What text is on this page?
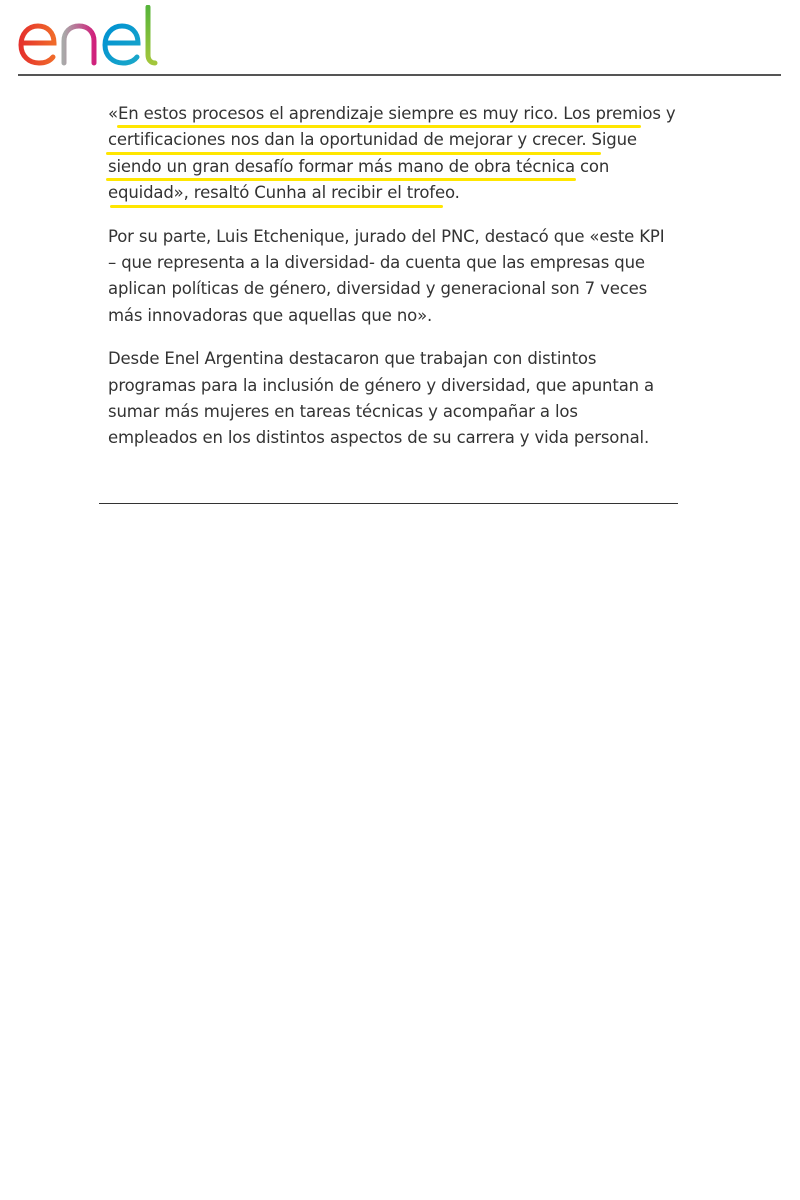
«En estos procesos el aprendizaje siempre es muy rico. Los premios y
certificaciones nos dan la oportunidad de mejorar y crecer. Sigue
siendo un gran desafío formar más mano de obra técnica con
equidad», resaltó Cunha al recibir el trofeo.

Por su parte, Luis Etchenique, jurado del PNC, destacó que «este KPI – que representa a la diversidad- da cuenta que las empresas que aplican políticas de género, diversidad y generacional son 7 veces más innovadoras que aquellas que no».

Desde Enel Argentina destacaron que trabajan con distintos programas para la inclusión de género y diversidad, que apuntan a sumar más mujeres en tareas técnicas y acompañar a los empleados en los distintos aspectos de su carrera y vida personal.
